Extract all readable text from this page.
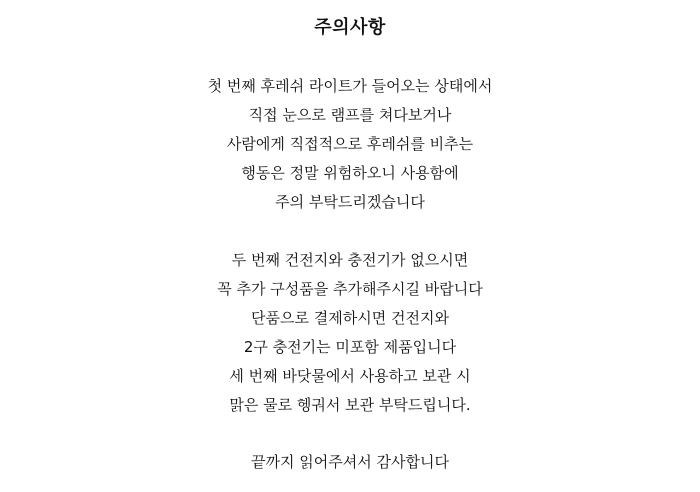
주의사항
첫 번째 후레쉬 라이트가 들어오는 상태에서
직접 눈으로 램프를 쳐다보거나
사람에게 직접적으로 후레쉬를 비추는
행동은 정말 위험하오니 사용함에
주의 부탁드리겠습니다
두 번째 건전지와 충전기가 없으시면
꼭 추가 구성품을 추가해주시길 바랍니다
단품으로 결제하시면 건전지와
2구 충전기는 미포함 제품입니다
세 번째 바닷물에서 사용하고 보관 시
맑은 물로 헹궈서 보관 부탁드립니다.
끝까지 읽어주셔서 감사합니다
